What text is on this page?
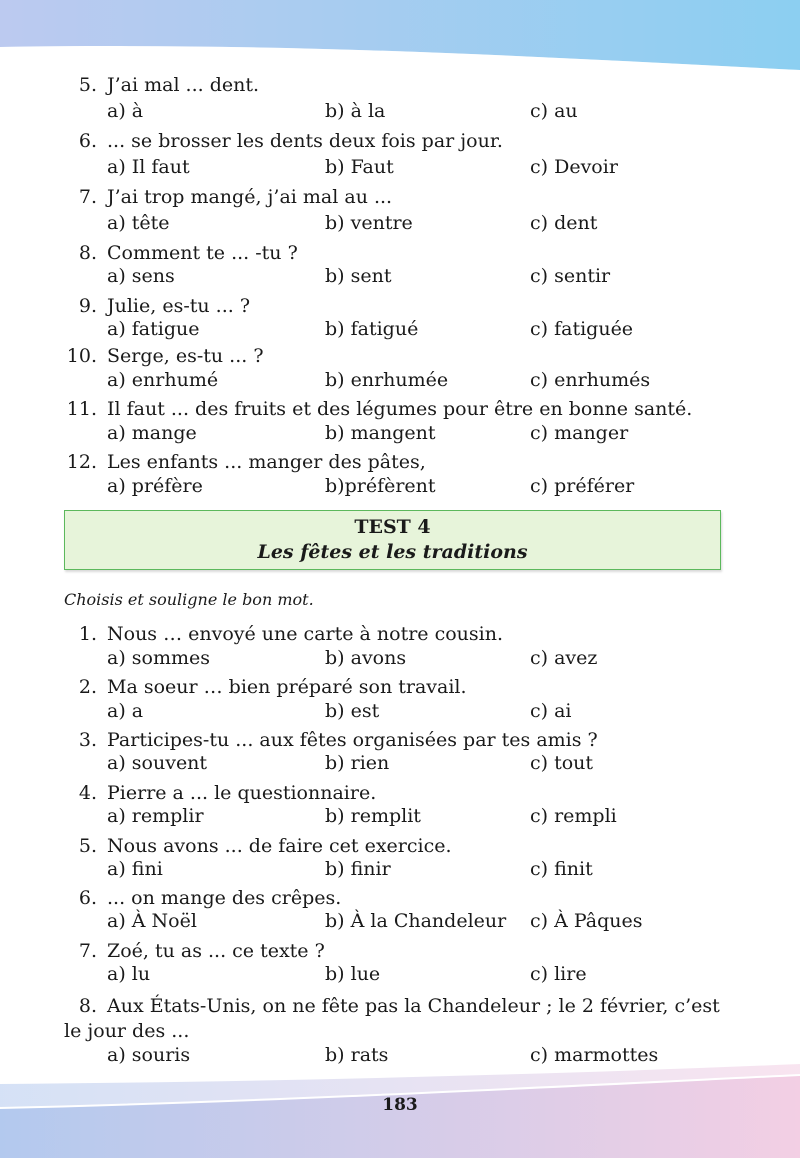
5. J’ai mal ... dent.
a) à	b) à la	c) au
6. ... se brosser les dents deux fois par jour.
a) Il faut	b) Faut	c) Devoir
7. J’ai trop mangé, j’ai mal au ...
a) tête	b) ventre	c) dent
8. Comment te ... -tu ?
a) sens	b) sent	c) sentir
9. Julie, es-tu ... ?
a) fatigue	b) fatigué	c) fatiguée
10. Serge, es-tu ... ?
a) enrhumé	b) enrhumée	c) enrhumés
11. Il faut ... des fruits et des légumes pour être en bonne santé.
a) mange	b) mangent	c) manger
12. Les enfants ... manger des pâtes,
a) préfère	b)préfèrent	c) préférer
TEST 4
Les fêtes et les traditions
Choisis et souligne le bon mot.
1. Nous … envoyé une carte à notre cousin.
a) sommes	b) avons	c) avez
2. Ma soeur … bien préparé son travail.
a) a	b) est	c) ai
3. Participes-tu ... aux fêtes organisées par tes amis ?
a) souvent	b) rien	c) tout
4. Pierre a ... le questionnaire.
a) remplir	b) remplit	c) rempli
5. Nous avons ... de faire cet exercice.
a) fini	b) finir	c) finit
6. ... on mange des crêpes.
a) À Noël	b) À la Chandeleur c) À Pâques
7. Zoé, tu as ... ce texte ?
a) lu	b) lue	c) lire
8. Aux États-Unis, on ne fête pas la Chandeleur ; le 2 février, c’est
le jour des ...
a) souris	b) rats	c) marmottes
183
